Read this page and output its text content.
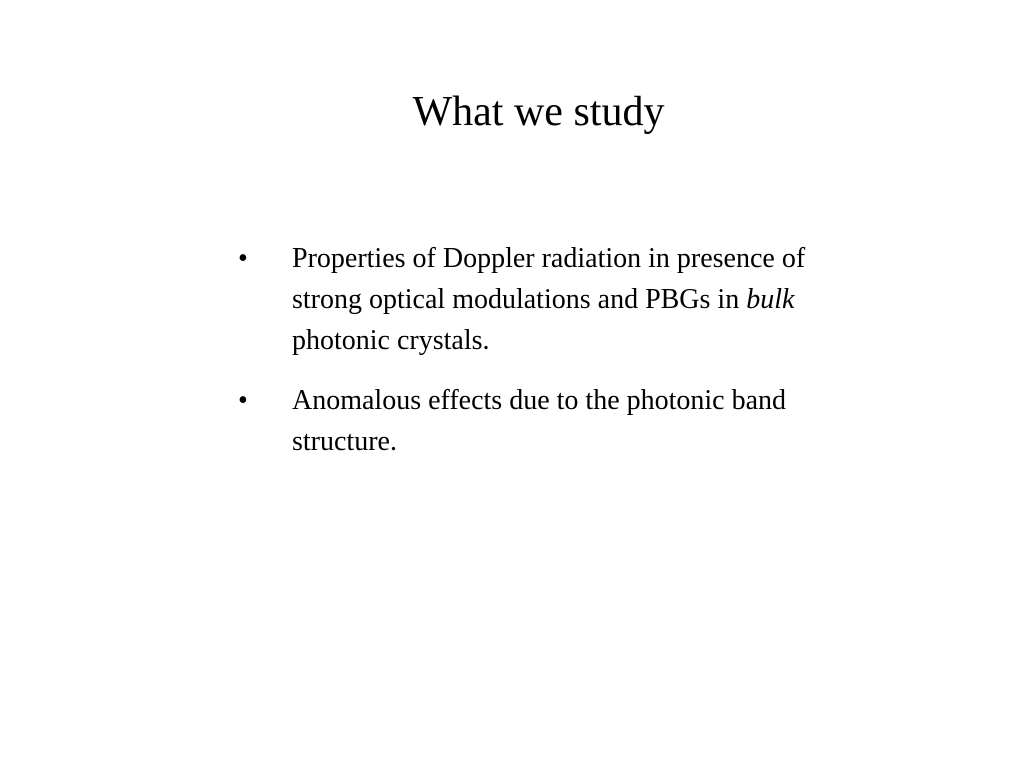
What we study
• Properties of Doppler radiation in presence of strong optical modulations and PBGs in bulk photonic crystals.
• Anomalous effects due to the photonic band structure.
